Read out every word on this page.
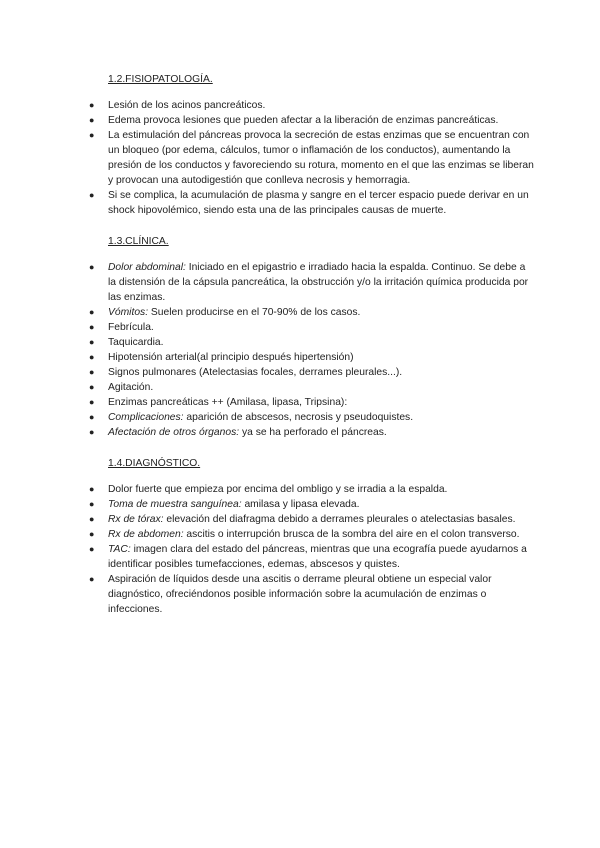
1.2.FISIOPATOLOGÍA.
● Lesión de los acinos pancreáticos.
● Edema provoca lesiones que pueden afectar a la liberación de enzimas pancreáticas.
● La estimulación del páncreas provoca la secreción de estas enzimas que se encuentran con un bloqueo (por edema, cálculos, tumor o inflamación de los conductos), aumentando la presión de los conductos y favoreciendo su rotura, momento en el que las enzimas se liberan y provocan una autodigestión que conlleva necrosis y hemorragia.
● Si se complica, la acumulación de plasma y sangre en el tercer espacio puede derivar en un shock hipovolémico, siendo esta una de las principales causas de muerte.
1.3.CLÍNICA.
● Dolor abdominal: Iniciado en el epigastrio e irradiado hacia la espalda. Continuo. Se debe a la distensión de la cápsula pancreática, la obstrucción y/o la irritación química producida por las enzimas.
● Vómitos: Suelen producirse en el 70-90% de los casos.
● Febrícula.
● Taquicardia.
● Hipotensión arterial(al principio después hipertensión)
● Signos pulmonares (Atelectasias focales, derrames pleurales...).
● Agitación.
● Enzimas pancreáticas ++ (Amilasa, lipasa, Tripsina):
● Complicaciones: aparición de abscesos, necrosis y pseudoquistes.
● Afectación de otros órganos: ya se ha perforado el páncreas.
1.4.DIAGNÓSTICO.
● Dolor fuerte que empieza por encima del ombligo y se irradia a la espalda.
● Toma de muestra sanguínea: amilasa y lipasa elevada.
● Rx de tórax: elevación del diafragma debido a derrames pleurales o atelectasias basales.
● Rx de abdomen: ascitis o interrupción brusca de la sombra del aire en el colon transverso.
● TAC: imagen clara del estado del páncreas, mientras que una ecografía puede ayudarnos a identificar posibles tumefacciones, edemas, abscesos y quistes.
● Aspiración de líquidos desde una ascitis o derrame pleural obtiene un especial valor diagnóstico, ofreciéndonos posible información sobre la acumulación de enzimas o infecciones.
